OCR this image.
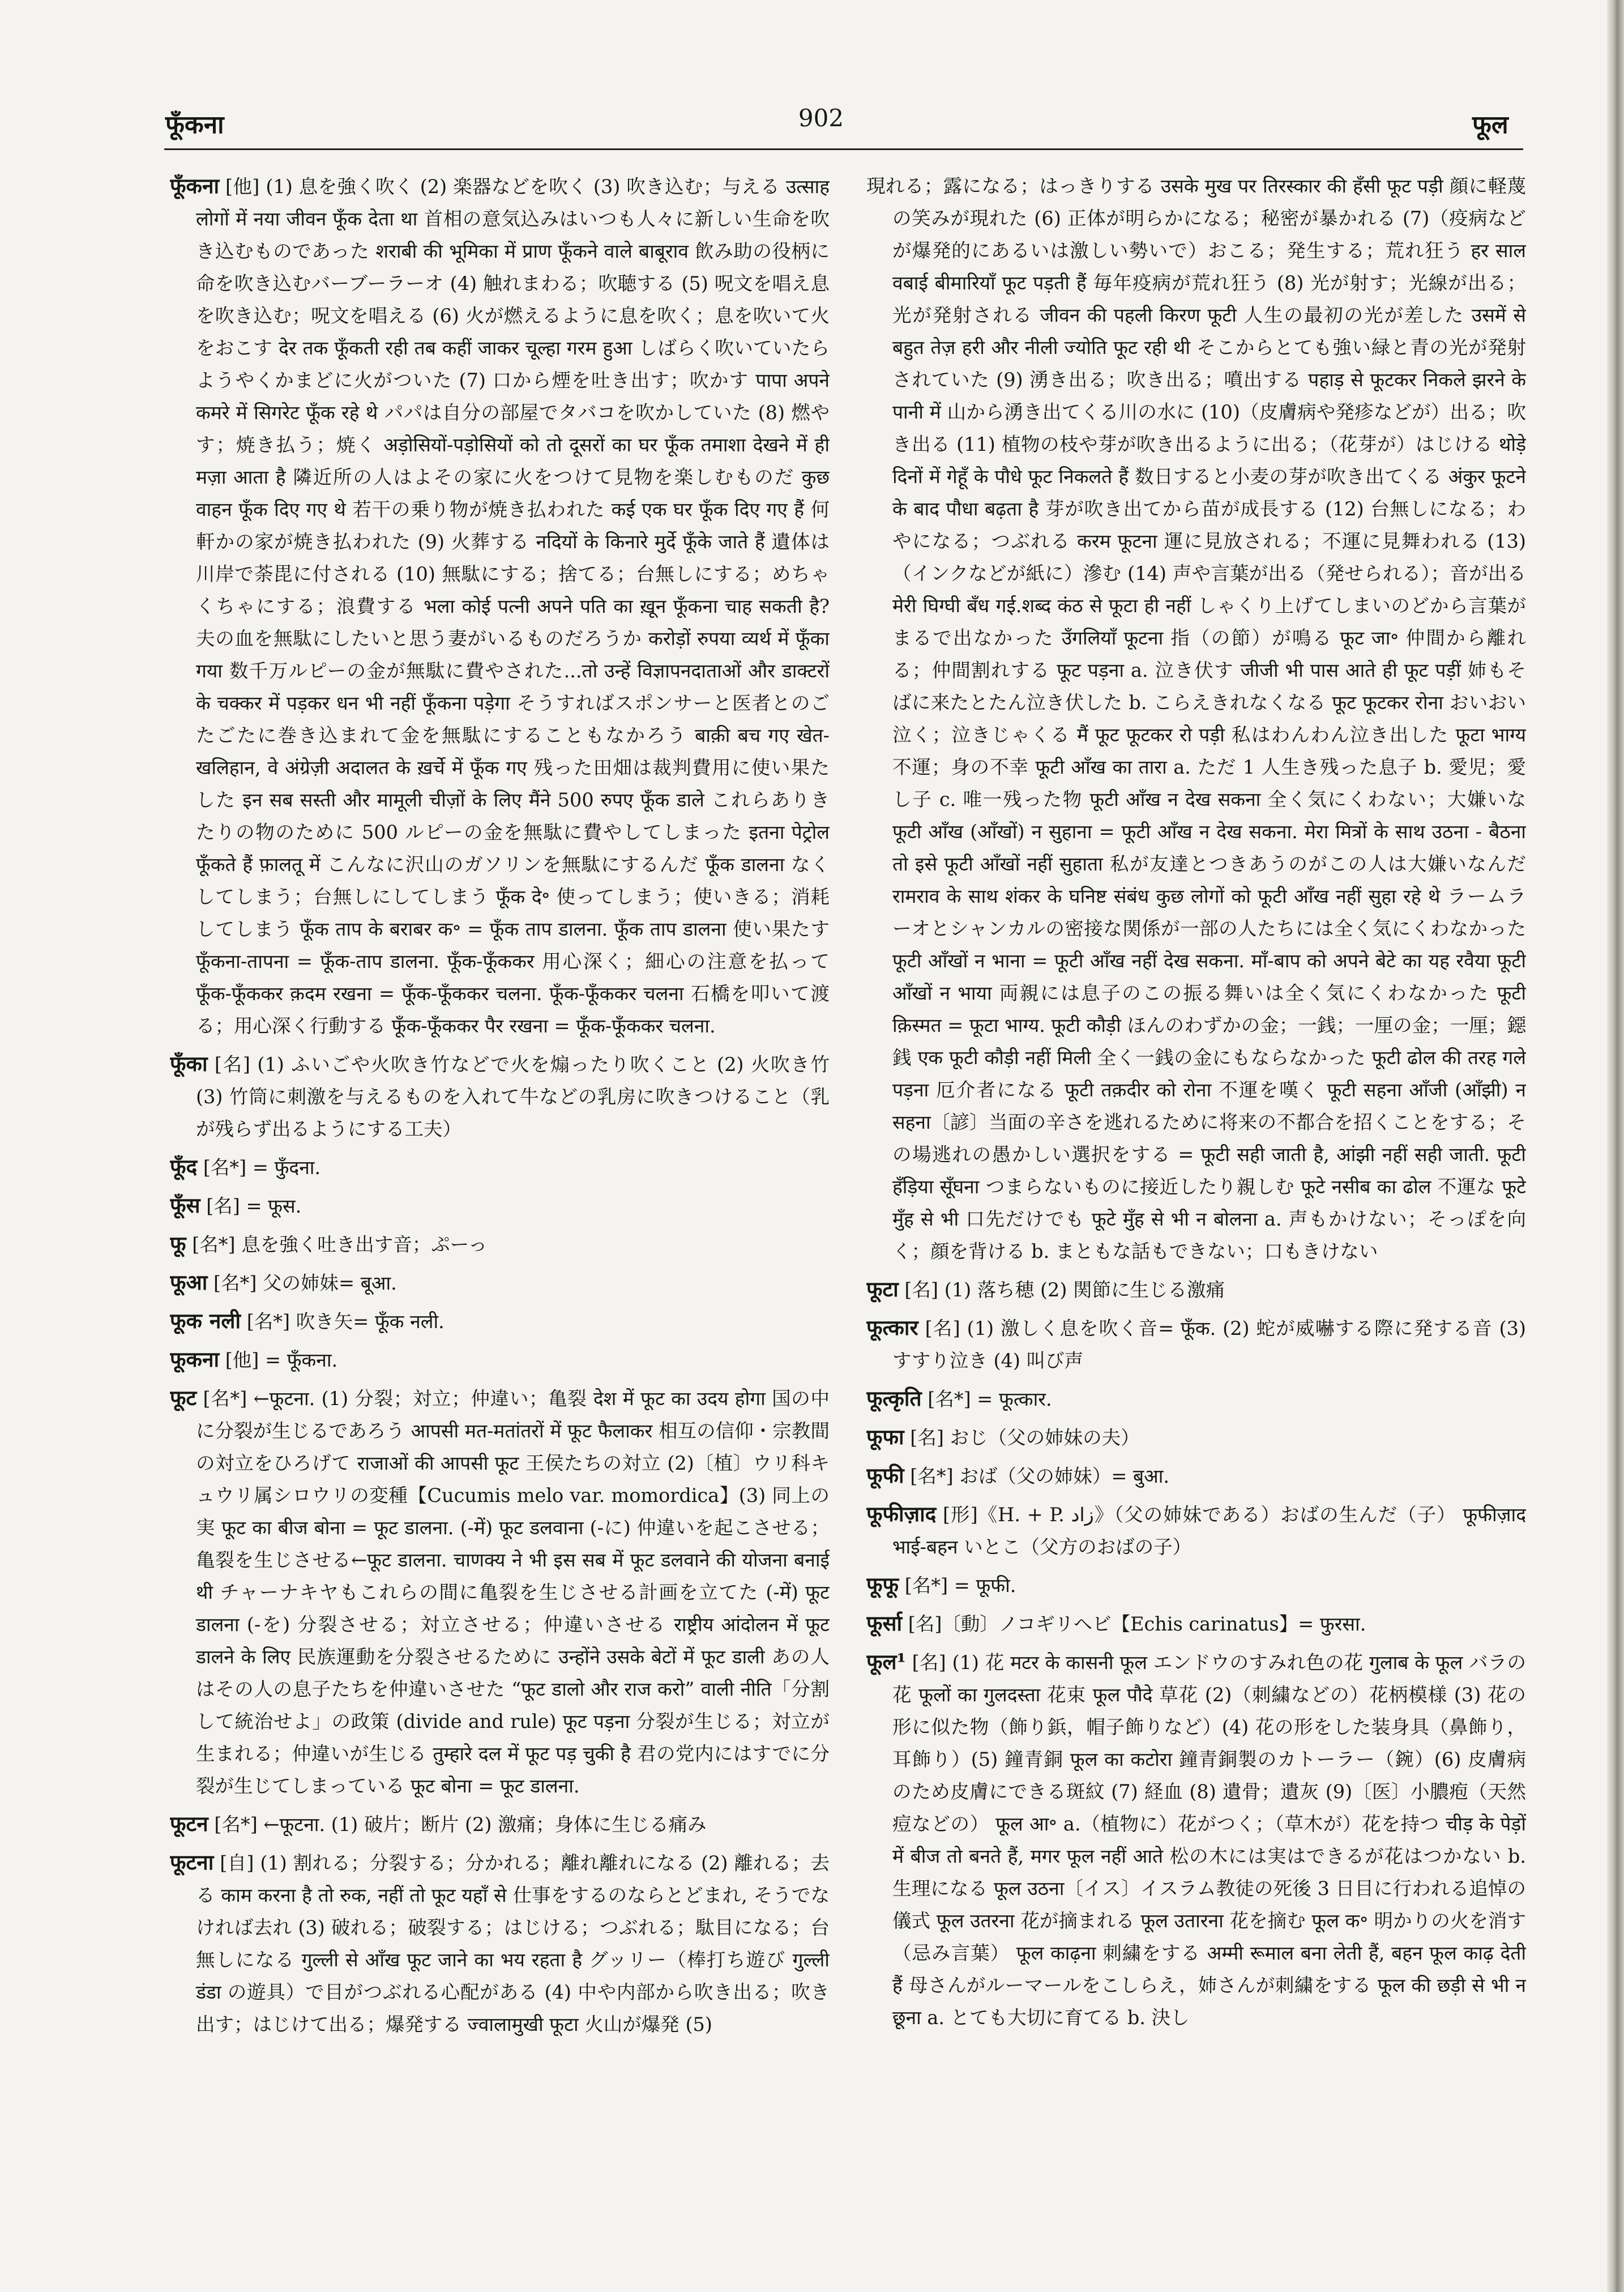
फूँकना	902	फूल

फूँकना [他] (1) 息を強く吹く (2) 楽器などを吹く (3) 吹き込む；与える उत्साह लोगों में नया जीवन फूँक देता था 首相の意気込みはいつも人々に新しい生命を吹き込むものであった शराबी की भूमिका में प्राण फूँकने वाले बाबूराव 飲み助の役柄に命を吹き込むバーブーラーオ (4) 触れまわる；吹聴する (5) 呪文を唱え息を吹き込む；呪文を唱える (6) 火が燃えるように息を吹く；息を吹いて火をおこす देर तक फूँकती रही तब कहीं जाकर चूल्हा गरम हुआ しばらく吹いていたらようやくかまどに火がついた (7) 口から煙を吐き出す；吹かす पापा अपने कमरे में सिगरेट फूँक रहे थे パパは自分の部屋でタバコを吹かしていた (8) 燃やす；焼き払う；焼く अड़ोसियों-पड़ोसियों को तो दूसरों का घर फूँक तमाशा देखने में ही मज़ा आता है 隣近所の人はよその家に火をつけて見物を楽しむものだ कुछ वाहन फूँक दिए गए थे 若干の乗り物が焼き払われた कई एक घर फूँक दिए गए हैं 何軒かの家が焼き払われた (9) 火葬する नदियों के किनारे मुर्दे फूँके जाते हैं 遺体は川岸で荼毘に付される (10) 無駄にする；捨てる；台無しにする；めちゃくちゃにする；浪費する भला कोई पत्नी अपने पति का ख़ून फूँकना चाह सकती है? 夫の血を無駄にしたいと思う妻がいるものだろうか करोड़ों रुपया व्यर्थ में फूँका गया 数千万ルピーの金が無駄に費やされた...तो उन्हें विज्ञापनदाताओं और डाक्टरों के चक्कर में पड़कर धन भी नहीं फूँकना पड़ेगा そうすればスポンサーと医者とのごたごたに巻き込まれて金を無駄にすることもなかろう बाक़ी बच गए खेत-खलिहान, वे अंग्रेज़ी अदालत के ख़र्चे में फूँक गए 残った田畑は裁判費用に使い果たした इन सब सस्ती और मामूली चीज़ों के लिए मैंने 500 रुपए फूँक डाले これらありきたりの物のために 500 ルピーの金を無駄に費やしてしまった इतना पेट्रोल फूँकते हैं फ़ालतू में こんなに沢山のガソリンを無駄にするんだ फूँक डालना なくしてしまう；台無しにしてしまう फूँक दे॰ 使ってしまう；使いきる；消耗してしまう फूँक ताप के बराबर क॰ = फूँक ताप डालना. फूँक ताप डालना 使い果たす फूँकना-तापना = फूँक-ताप डालना. फूँक-फूँककर 用心深く；細心の注意を払って फूँक-फूँककर क़दम रखना = फूँक-फूँककर चलना. फूँक-फूँककर चलना 石橋を叩いて渡る；用心深く行動する फूँक-फूँककर पैर रखना = फूँक-फूँककर चलना.

फूँका [名] (1) ふいごや火吹き竹などで火を煽ったり吹くこと (2) 火吹き竹 (3) 竹筒に刺激を与えるものを入れて牛などの乳房に吹きつけること（乳が残らず出るようにする工夫）

फूँद [名*] = फुँदना.

फूँस [名] = फूस.

फू [名*] 息を強く吐き出す音；ぷーっ

फूआ [名*] 父の姉妹= बूआ.

फूक नली [名*] 吹き矢= फूँक नली.

फूकना [他] = फूँकना.

फूट [名*] ←फूटना. (1) 分裂；対立；仲違い；亀裂 देश में फूट का उदय होगा 国の中に分裂が生じるであろう आपसी मत-मतांतरों में फूट फैलाकर 相互の信仰・宗教間の対立をひろげて राजाओं की आपसी फूट 王侯たちの対立 (2)〔植〕ウリ科キュウリ属シロウリの変種【Cucumis melo var. momordica】(3) 同上の実 फूट का बीज बोना = फूट डालना. (-में) फूट डलवाना (-に) 仲違いを起こさせる；亀裂を生じさせる←फूट डालना. चाणक्य ने भी इस सब में फूट डलवाने की योजना बनाई थी チャーナキヤもこれらの間に亀裂を生じさせる計画を立てた (-में) फूट डालना (-を) 分裂させる；対立させる；仲違いさせる राष्ट्रीय आंदोलन में फूट डालने के लिए 民族運動を分裂させるために उन्होंने उसके बेटों में फूट डाली あの人はその人の息子たちを仲違いさせた “फूट डालो और राज करो” वाली नीति「分割して統治せよ」の政策 (divide and rule) फूट पड़ना 分裂が生じる；対立が生まれる；仲違いが生じる तुम्हारे दल में फूट पड़ चुकी है 君の党内にはすでに分裂が生じてしまっている फूट बोना = फूट डालना.

फूटन [名*] ←फूटना. (1) 破片；断片 (2) 激痛；身体に生じる痛み

फूटना [自] (1) 割れる；分裂する；分かれる；離れ離れになる (2) 離れる；去る काम करना है तो रुक, नहीं तो फूट यहाँ से 仕事をするのならとどまれ, そうでなければ去れ (3) 破れる；破裂する；はじける；つぶれる；駄目になる；台無しになる गुल्ली से आँख फूट जाने का भय रहता है グッリー（棒打ち遊び गुल्ली डंडा の遊具）で目がつぶれる心配がある (4) 中や内部から吹き出る；吹き出す；はじけて出る；爆発する ज्वालामुखी फूटा 火山が爆発 (5)

現れる；露になる；はっきりする उसके मुख पर तिरस्कार की हँसी फूट पड़ी 顔に軽蔑の笑みが現れた (6) 正体が明らかになる；秘密が暴かれる (7)（疫病などが爆発的にあるいは激しい勢いで）おこる；発生する；荒れ狂う हर साल वबाई बीमारियाँ फूट पड़ती हैं 毎年疫病が荒れ狂う (8) 光が射す；光線が出る；光が発射される जीवन की पहली किरण फूटी 人生の最初の光が差した उसमें से बहुत तेज़ हरी और नीली ज्योति फूट रही थी そこからとても強い緑と青の光が発射されていた (9) 湧き出る；吹き出る；噴出する पहाड़ से फूटकर निकले झरने के पानी में 山から湧き出てくる川の水に (10)（皮膚病や発疹などが）出る；吹き出る (11) 植物の枝や芽が吹き出るように出る；（花芽が）はじける थोड़े दिनों में गेहूँ के पौधे फूट निकलते हैं 数日すると小麦の芽が吹き出てくる अंकुर फूटने के बाद पौधा बढ़ता है 芽が吹き出てから苗が成長する (12) 台無しになる；わやになる；つぶれる करम फूटना 運に見放される；不運に見舞われる (13)（インクなどが紙に）滲む (14) 声や言葉が出る（発せられる）；音が出る मेरी घिग्घी बँध गई.शब्द कंठ से फूटा ही नहीं しゃくり上げてしまいのどから言葉がまるで出なかった उँगलियाँ फूटना 指（の節）が鳴る फूट जा॰ 仲間から離れる；仲間割れする फूट पड़ना a. 泣き伏す जीजी भी पास आते ही फूट पड़ीं 姉もそばに来たとたん泣き伏した b. こらえきれなくなる फूट फूटकर रोना おいおい泣く；泣きじゃくる मैं फूट फूटकर रो पड़ी 私はわんわん泣き出した फूटा भाग्य 不運；身の不幸 फूटी आँख का तारा a. ただ 1 人生き残った息子 b. 愛児；愛し子 c. 唯一残った物 फूटी आँख न देख सकना 全く気にくわない；大嫌いな फूटी आँख (आँखों) न सुहाना = फूटी आँख न देख सकना. मेरा मित्रों के साथ उठना - बैठना तो इसे फूटी आँखों नहीं सुहाता 私が友達とつきあうのがこの人は大嫌いなんだ रामराव के साथ शंकर के घनिष्ट संबंध कुछ लोगों को फूटी आँख नहीं सुहा रहे थे ラームラーオとシャンカルの密接な関係が一部の人たちには全く気にくわなかった फूटी आँखों न भाना = फूटी आँख नहीं देख सकना. माँ-बाप को अपने बेटे का यह रवैया फूटी आँखों न भाया 両親には息子のこの振る舞いは全く気にくわなかった फूटी क़िस्मत = फूटा भाग्य. फूटी कौड़ी ほんのわずかの金；一銭；一厘の金；一厘；鐚銭 एक फूटी कौड़ी नहीं मिली 全く一銭の金にもならなかった फूटी ढोल की तरह गले पड़ना 厄介者になる फूटी तक़दीर को रोना 不運を嘆く फूटी सहना आँजी (आँझी) न सहना〔諺〕当面の辛さを逃れるために将来の不都合を招くことをする；その場逃れの愚かしい選択をする = फूटी सही जाती है, आंझी नहीं सही जाती. फूटी हँड़िया सूँघना つまらないものに接近したり親しむ फूटे नसीब का ढोल 不運な फूटे मुँह से भी 口先だけでも फूटे मुँह से भी न बोलना a. 声もかけない；そっぽを向く；顔を背ける b. まともな話もできない；口もきけない

फूटा [名] (1) 落ち穂 (2) 関節に生じる激痛

फूत्कार [名] (1) 激しく息を吹く音= फूँक. (2) 蛇が威嚇する際に発する音 (3) すすり泣き (4) 叫び声

फूत्कृति [名*] = फूत्कार.

फूफा [名] おじ（父の姉妹の夫）

फूफी [名*] おば（父の姉妹）= बुआ.

फूफीज़ाद [形]《H. + P. زاد》（父の姉妹である）おばの生んだ（子） फूफीज़ाद भाई-बहन いとこ（父方のおばの子）

फूफू [名*] = फूफी.

फूर्सा [名]〔動〕ノコギリヘビ【Echis carinatus】= फुरसा.

फूल¹ [名] (1) 花 मटर के कासनी फूल エンドウのすみれ色の花 गुलाब के फूल バラの花 फूलों का गुलदस्ता 花束 फूल पौदे 草花 (2)（刺繍などの）花柄模様 (3) 花の形に似た物（飾り鋲，帽子飾りなど）(4) 花の形をした装身具（鼻飾り，耳飾り）(5) 鐘青銅 फूल का कटोरा 鐘青銅製のカトーラー（鋺）(6) 皮膚病のため皮膚にできる斑紋 (7) 経血 (8) 遺骨；遺灰 (9)〔医〕小膿疱（天然痘などの） फूल आ॰ a.（植物に）花がつく；（草木が）花を持つ चीड़ के पेड़ों में बीज तो बनते हैं, मगर फूल नहीं आते 松の木には実はできるが花はつかない b. 生理になる फूल उठना〔イス〕イスラム教徒の死後 3 日目に行われる追悼の儀式 फूल उतरना 花が摘まれる फूल उतारना 花を摘む फूल क॰ 明かりの火を消す（忌み言葉） फूल काढ़ना 刺繍をする अम्मी रूमाल बना लेती हैं, बहन फूल काढ़ देती हैं 母さんがルーマールをこしらえ，姉さんが刺繍をする फूल की छड़ी से भी न छूना a. とても大切に育てる b. 決し
